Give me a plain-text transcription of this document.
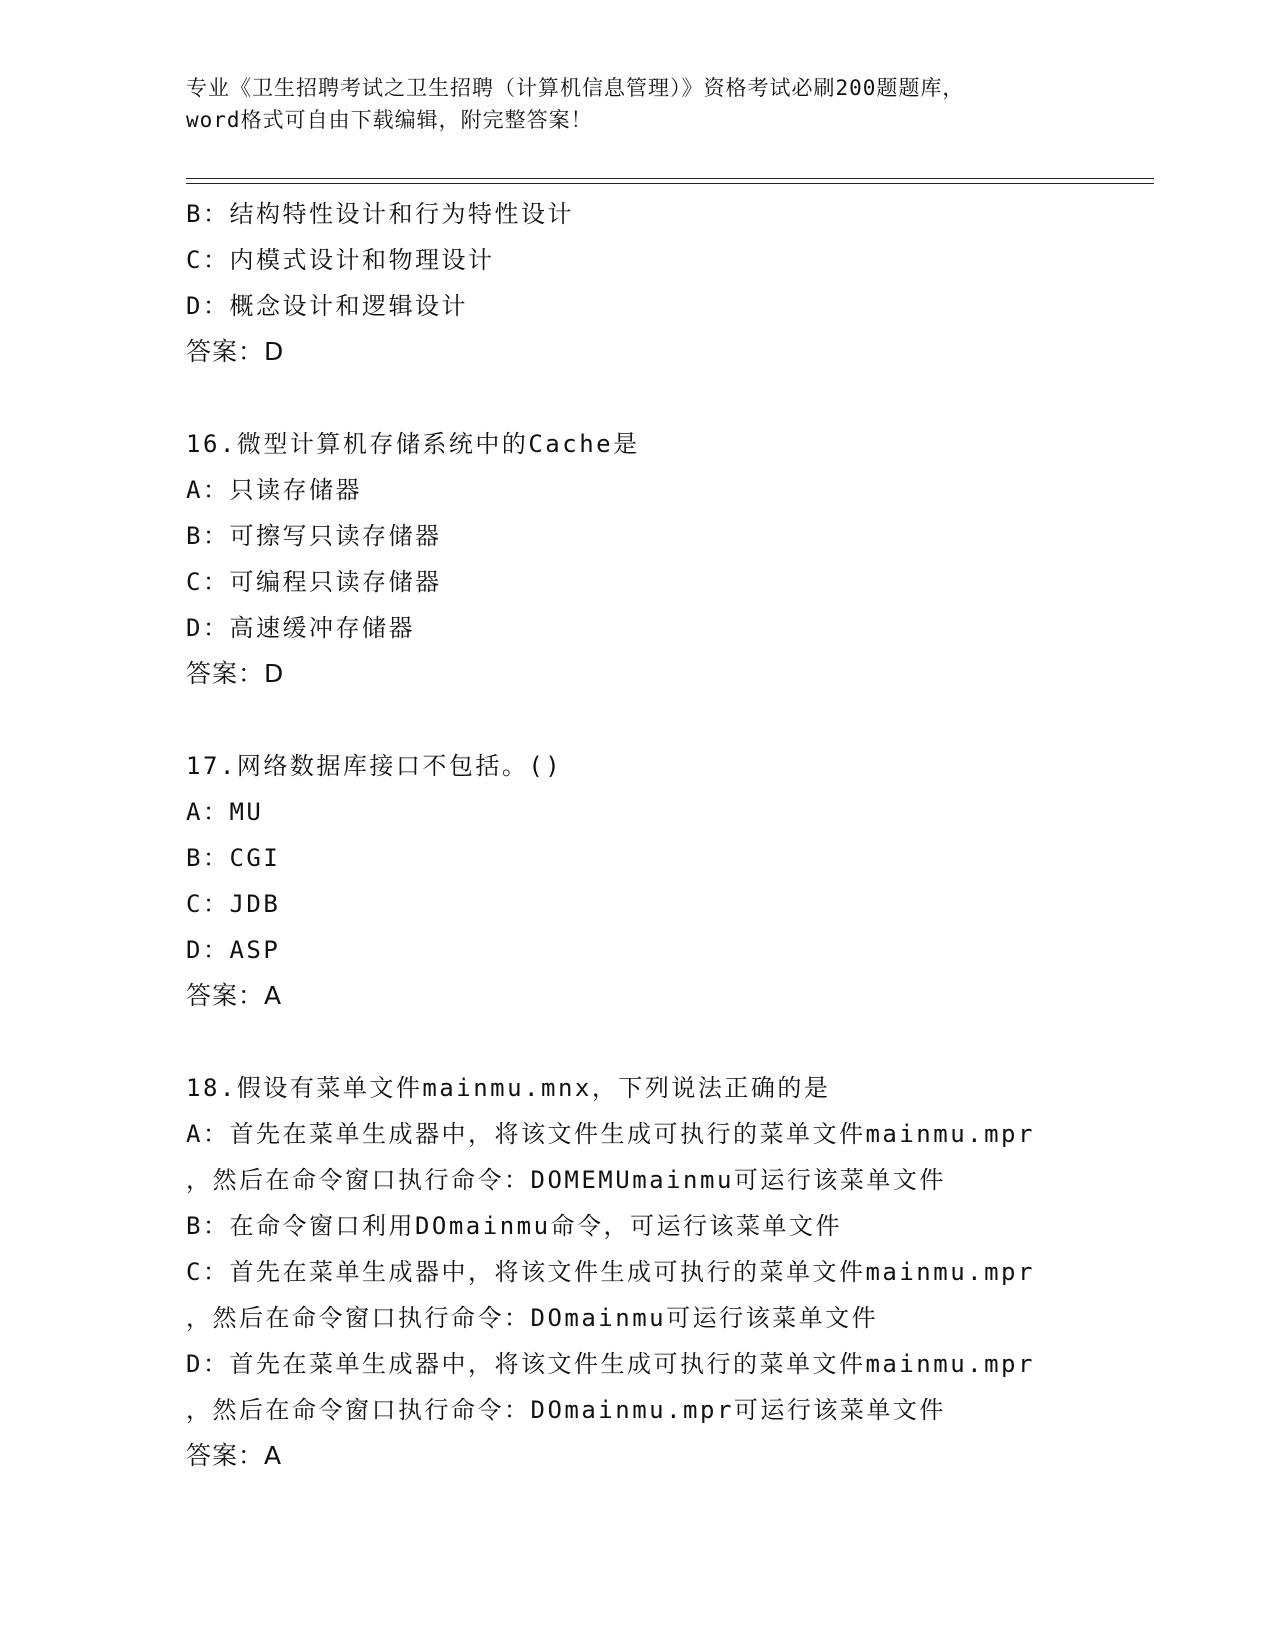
专业《卫生招聘考试之卫生招聘（计算机信息管理）》资格考试必刷200题题库，
word格式可自由下载编辑，附完整答案！
B：结构特性设计和行为特性设计
C：内模式设计和物理设计
D：概念设计和逻辑设计
答案：D
16.微型计算机存储系统中的Cache是
A：只读存储器
B：可擦写只读存储器
C：可编程只读存储器
D：高速缓冲存储器
答案：D
17.网络数据库接口不包括。()
A：MU
B：CGI
C：JDB
D：ASP
答案：A
18.假设有菜单文件mainmu.mnx，下列说法正确的是
A：首先在菜单生成器中，将该文件生成可执行的菜单文件mainmu.mpr
，然后在命令窗口执行命令：DOMEMUmainmu可运行该菜单文件
B：在命令窗口利用DOmainmu命令，可运行该菜单文件
C：首先在菜单生成器中，将该文件生成可执行的菜单文件mainmu.mpr
，然后在命令窗口执行命令：DOmainmu可运行该菜单文件
D：首先在菜单生成器中，将该文件生成可执行的菜单文件mainmu.mpr
，然后在命令窗口执行命令：DOmainmu.mpr可运行该菜单文件
答案：A
